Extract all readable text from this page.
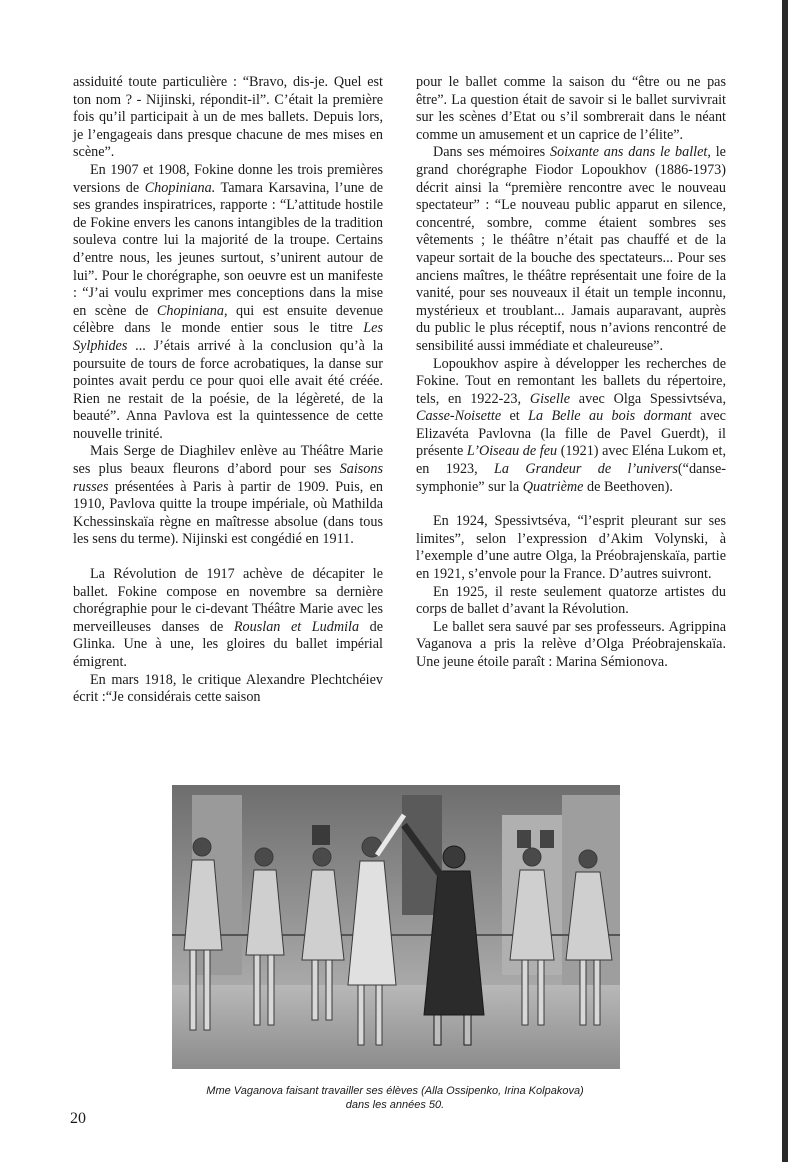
assiduité toute particulière : “Bravo, dis-je. Quel est ton nom ? - Nijinski, répondit-il”. C’était la première fois qu’il participait à un de mes ballets. Depuis lors, je l’engageais dans presque chacune de mes mises en scène”.

En 1907 et 1908, Fokine donne les trois premières versions de Chopiniana. Tamara Karsavina, l’une de ses grandes inspiratrices, rapporte : “L’attitude hostile de Fokine envers les canons intangibles de la tradition souleva contre lui la majorité de la troupe. Certains d’entre nous, les jeunes surtout, s’unirent autour de lui”. Pour le chorégraphe, son oeuvre est un manifeste : “J’ai voulu exprimer mes conceptions dans la mise en scène de Chopiniana, qui est ensuite devenue célèbre dans le monde entier sous le titre Les Sylphides ... J’étais arrivé à la conclusion qu’à la poursuite de tours de force acrobatiques, la danse sur pointes avait perdu ce pour quoi elle avait été créée. Rien ne restait de la poésie, de la légèreté, de la beauté”. Anna Pavlova est la quintessence de cette nouvelle trinité.

Mais Serge de Diaghilev enlève au Théâtre Marie ses plus beaux fleurons d’abord pour ses Saisons russes présentées à Paris à partir de 1909. Puis, en 1910, Pavlova quitte la troupe impériale, où Mathilda Kchessinskaïa règne en maîtresse absolue (dans tous les sens du terme). Nijinski est congédié en 1911.

La Révolution de 1917 achève de décapiter le ballet. Fokine compose en novembre sa dernière chorégraphie pour le ci-devant Théâtre Marie avec les merveilleuses danses de Rouslan et Ludmila de Glinka. Une à une, les gloires du ballet impérial émigrent.

En mars 1918, le critique Alexandre Plechtchéiev écrit :“Je considérais cette saison

pour le ballet comme la saison du “être ou ne pas être”. La question était de savoir si le ballet survivrait sur les scènes d’Etat ou s’il sombrerait dans le néant comme un amusement et un caprice de l’élite”.

Dans ses mémoires Soixante ans dans le ballet, le grand chorégraphe Fiodor Lopoukhov (1886-1973) décrit ainsi la “première rencontre avec le nouveau spectateur” : “Le nouveau public apparut en silence, concentré, sombre, comme étaient sombres ses vêtements ; le théâtre n’était pas chauffé et de la vapeur sortait de la bouche des spectateurs... Pour ses anciens maîtres, le théâtre représentait une foire de la vanité, pour ses nouveaux il était un temple inconnu, mystérieux et troublant... Jamais auparavant, auprès du public le plus réceptif, nous n’avions rencontré de sensibilité aussi immédiate et chaleureuse”.

Lopoukhov aspire à développer les recherches de Fokine. Tout en remontant les ballets du répertoire, tels, en 1922-23, Giselle avec Olga Spessivtséva, Casse-Noisette et La Belle au bois dormant avec Elizavéta Pavlovna (la fille de Pavel Guerdt), il présente L’Oiseau de feu (1921) avec Eléna Lukom et, en 1923, La Grandeur de l’univers(“danse-symphonie” sur la Quatrième de Beethoven).

En 1924, Spessivtséva, “l’esprit pleurant sur ses limites”, selon l’expression d’Akim Volynski, à l’exemple d’une autre Olga, la Préobrajenskaïa, partie en 1921, s’envole pour la France. D’autres suivront.

En 1925, il reste seulement quatorze artistes du corps de ballet d’avant la Révolution.

Le ballet sera sauvé par ses professeurs. Agrippina Vaganova a pris la relève d’Olga Préobrajenskaïa. Une jeune étoile paraît : Marina Sémionova.

Mme Vaganova faisant travailler ses élèves (Alla Ossipenko, Irina Kolpakova)
dans les années 50.
20
